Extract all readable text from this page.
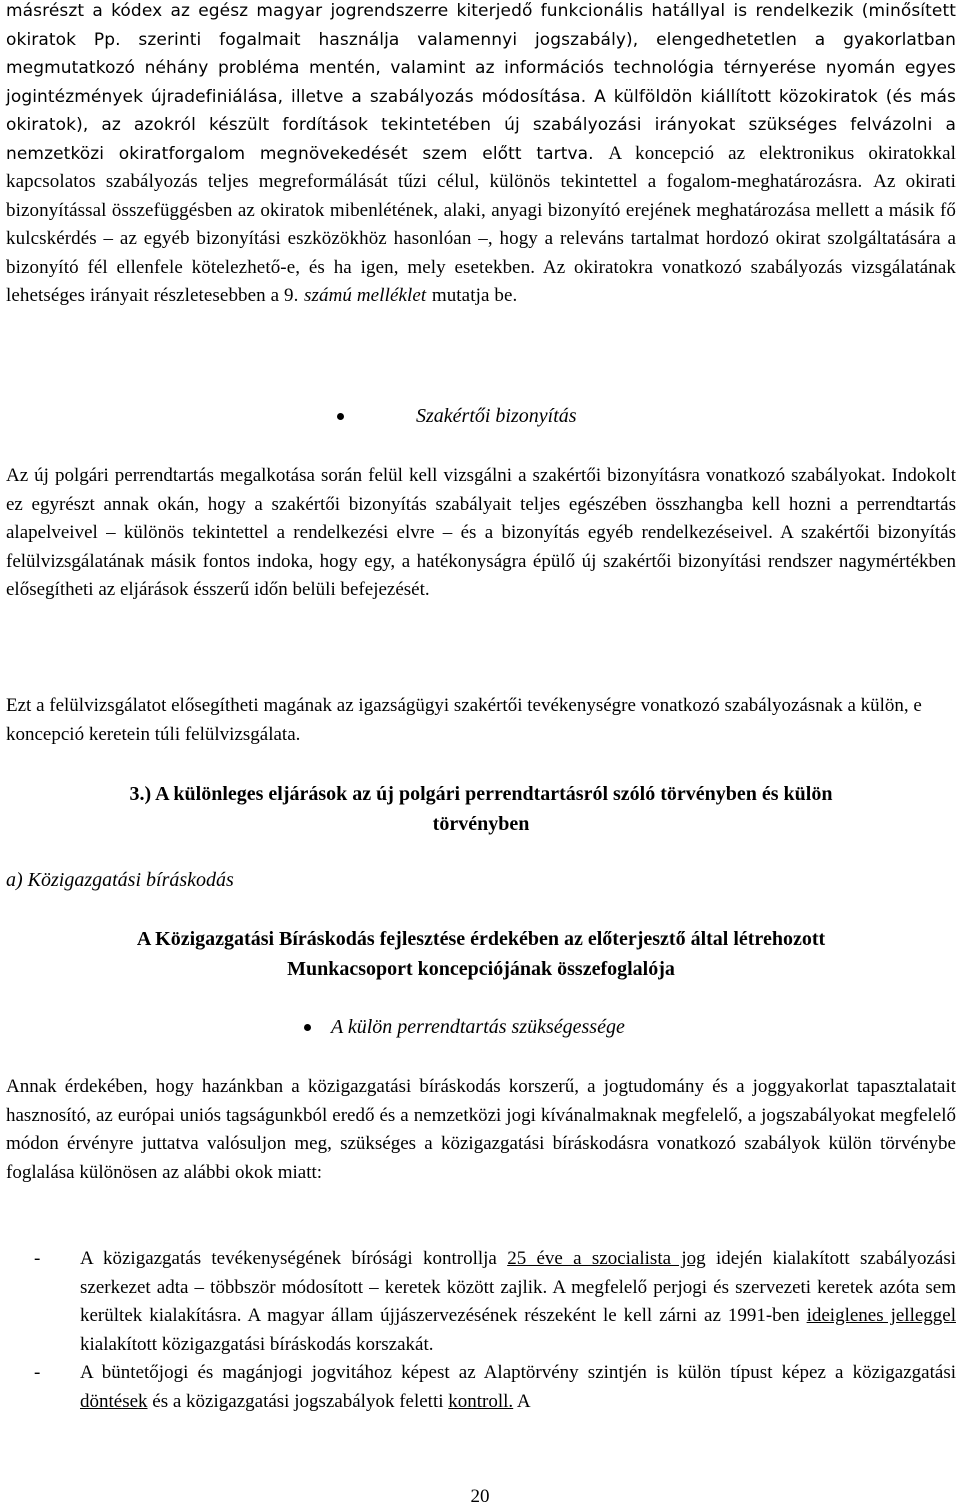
másrészt a kódex az egész magyar jogrendszerre kiterjedő funkcionális hatállyal is rendelkezik (minősített okiratok Pp. szerinti fogalmait használja valamennyi jogszabály), elengedhetetlen a gyakorlatban megmutatkozó néhány probléma mentén, valamint az információs technológia térnyerése nyomán egyes jogintézmények újradefiniálása, illetve a szabályozás módosítása. A külföldön kiállított közokiratok (és más okiratok), az azokról készült fordítások tekintetében új szabályozási irányokat szükséges felvázolni a nemzetközi okiratforgalom megnövekedését szem előtt tartva. A koncepció az elektronikus okiratokkal kapcsolatos szabályozás teljes megreformálását tűzi célul, különös tekintettel a fogalom-meghatározásra. Az okirati bizonyítással összefüggésben az okiratok mibenlétének, alaki, anyagi bizonyító erejének meghatározása mellett a másik fő kulcskérdés – az egyéb bizonyítási eszközökhöz hasonlóan –, hogy a releváns tartalmat hordozó okirat szolgáltatására a bizonyító fél ellenfele kötelezhető-e, és ha igen, mely esetekben. Az okiratokra vonatkozó szabályozás vizsgálatának lehetséges irányait részletesebben a 9. számú melléklet mutatja be.

Szakértői bizonyítás

Az új polgári perrendtartás megalkotása során felül kell vizsgálni a szakértői bizonyításra vonatkozó szabályokat. Indokolt ez egyrészt annak okán, hogy a szakértői bizonyítás szabályait teljes egészében összhangba kell hozni a perrendtartás alapelveivel – különös tekintettel a rendelkezési elvre – és a bizonyítás egyéb rendelkezéseivel. A szakértői bizonyítás felülvizsgálatának másik fontos indoka, hogy egy, a hatékonyságra épülő új szakértői bizonyítási rendszer nagymértékben elősegítheti az eljárások ésszerű időn belüli befejezését.

Ezt a felülvizsgálatot elősegítheti magának az igazságügyi szakértői tevékenységre vonatkozó szabályozásnak a külön, e koncepció keretein túli felülvizsgálata.

3.) A különleges eljárások az új polgári perrendtartásról szóló törvényben és külön
törvényben
a) Közigazgatási bíráskodás
A Közigazgatási Bíráskodás fejlesztése érdekében az előterjesztő által létrehozott
Munkacsoport koncepciójának összefoglalója
A külön perrendtartás szükségessége

Annak érdekében, hogy hazánkban a közigazgatási bíráskodás korszerű, a jogtudomány és a joggyakorlat tapasztalatait hasznosító, az európai uniós tagságunkból eredő és a nemzetközi jogi kívánalmaknak megfelelő, a jogszabályokat megfelelő módon érvényre juttatva valósuljon meg, szükséges a közigazgatási bíráskodásra vonatkozó szabályok külön törvénybe foglalása különösen az alábbi okok miatt:

- A közigazgatás tevékenységének bírósági kontrollja 25 éve a szocialista jog idején kialakított szabályozási szerkezet adta – többször módosított – keretek között zajlik. A megfelelő perjogi és szervezeti keretek azóta sem kerültek kialakításra. A magyar állam újjászervezésének részeként le kell zárni az 1991-ben ideiglenes jelleggel kialakított közigazgatási bíráskodás korszakát.

- A büntetőjogi és magánjogi jogvitához képest az Alaptörvény szintjén is külön típust képez a közigazgatási döntések és a közigazgatási jogszabályok feletti kontroll. A

20
